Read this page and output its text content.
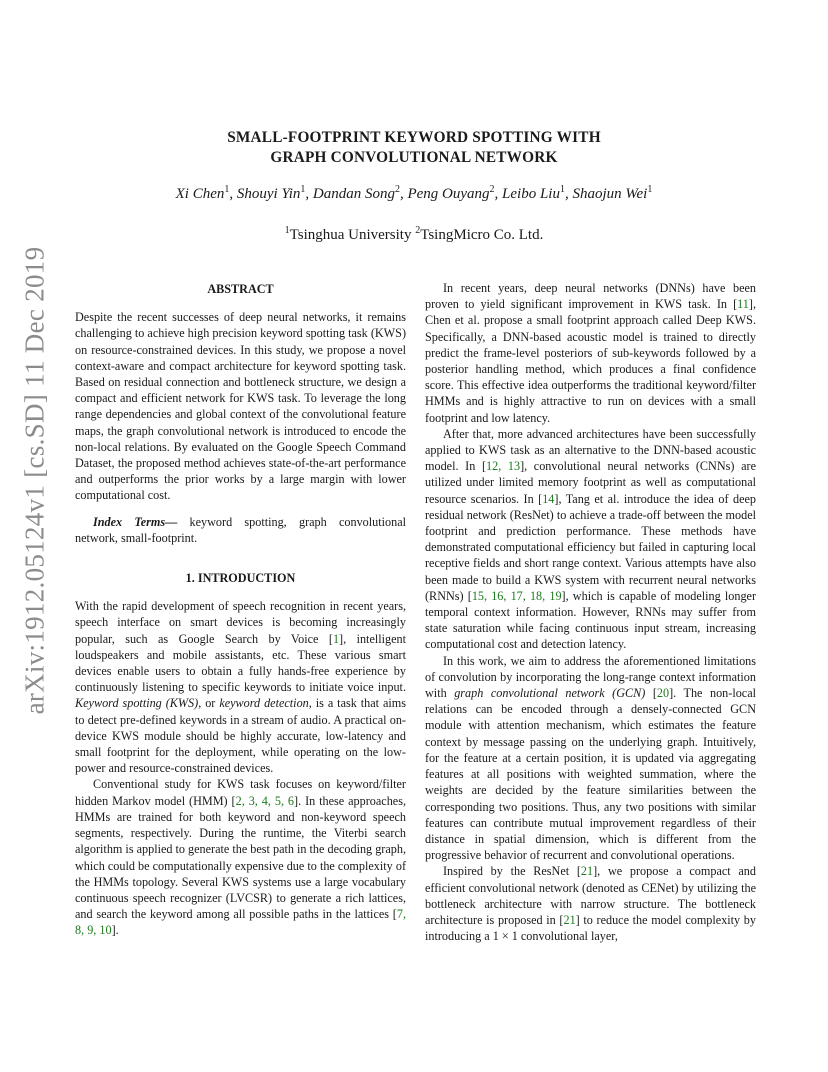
arXiv:1912.05124v1 [cs.SD] 11 Dec 2019
SMALL-FOOTPRINT KEYWORD SPOTTING WITH
GRAPH CONVOLUTIONAL NETWORK
Xi Chen$^1$, Shouyi Yin$^1$, Dandan Song$^2$, Peng Ouyang$^2$, Leibo Liu$^1$, Shaojun Wei$^1$
$^1$Tsinghua University $^2$TsingMicro Co. Ltd.

ABSTRACT

Despite the recent successes of deep neural networks, it remains challenging to achieve high precision keyword spotting task (KWS) on resource-constrained devices. In this study, we propose a novel context-aware and compact architecture for keyword spotting task. Based on residual connection and bottleneck structure, we design a compact and efficient network for KWS task. To leverage the long range dependencies and global context of the convolutional feature maps, the graph convolutional network is introduced to encode the non-local relations. By evaluated on the Google Speech Command Dataset, the proposed method achieves state-of-the-art performance and outperforms the prior works by a large margin with lower computational cost.

Index Terms— keyword spotting, graph convolutional network, small-footprint.

1. INTRODUCTION

With the rapid development of speech recognition in recent years, speech interface on smart devices is becoming increasingly popular, such as Google Search by Voice [1], intelligent loudspeakers and mobile assistants, etc. These various smart devices enable users to obtain a fully hands-free experience by continuously listening to specific keywords to initiate voice input. Keyword spotting (KWS), or keyword detection, is a task that aims to detect pre-defined keywords in a stream of audio. A practical on-device KWS module should be highly accurate, low-latency and small footprint for the deployment, while operating on the low-power and resource-constrained devices.

Conventional study for KWS task focuses on keyword/filter hidden Markov model (HMM) [2, 3, 4, 5, 6]. In these approaches, HMMs are trained for both keyword and non-keyword speech segments, respectively. During the runtime, the Viterbi search algorithm is applied to generate the best path in the decoding graph, which could be computationally expensive due to the complexity of the HMMs topology. Several KWS systems use a large vocabulary continuous speech recognizer (LVCSR) to generate a rich lattices, and search the keyword among all possible paths in the lattices [7, 8, 9, 10].

In recent years, deep neural networks (DNNs) have been proven to yield significant improvement in KWS task. In [11], Chen et al. propose a small footprint approach called Deep KWS. Specifically, a DNN-based acoustic model is trained to directly predict the frame-level posteriors of sub-keywords followed by a posterior handling method, which produces a final confidence score. This effective idea outperforms the traditional keyword/filter HMMs and is highly attractive to run on devices with a small footprint and low latency.

After that, more advanced architectures have been successfully applied to KWS task as an alternative to the DNN-based acoustic model. In [12, 13], convolutional neural networks (CNNs) are utilized under limited memory footprint as well as computational resource scenarios. In [14], Tang et al. introduce the idea of deep residual network (ResNet) to achieve a trade-off between the model footprint and prediction performance. These methods have demonstrated computational efficiency but failed in capturing local receptive fields and short range context. Various attempts have also been made to build a KWS system with recurrent neural networks (RNNs) [15, 16, 17, 18, 19], which is capable of modeling longer temporal context information. However, RNNs may suffer from state saturation while facing continuous input stream, increasing computational cost and detection latency.

In this work, we aim to address the aforementioned limitations of convolution by incorporating the long-range context information with graph convolutional network (GCN) [20]. The non-local relations can be encoded through a densely-connected GCN module with attention mechanism, which estimates the feature context by message passing on the underlying graph. Intuitively, for the feature at a certain position, it is updated via aggregating features at all positions with weighted summation, where the weights are decided by the feature similarities between the corresponding two positions. Thus, any two positions with similar features can contribute mutual improvement regardless of their distance in spatial dimension, which is different from the progressive behavior of recurrent and convolutional operations.

Inspired by the ResNet [21], we propose a compact and efficient convolutional network (denoted as CENet) by utilizing the bottleneck architecture with narrow structure. The bottleneck architecture is proposed in [21] to reduce the model complexity by introducing a 1 × 1 convolutional layer,
